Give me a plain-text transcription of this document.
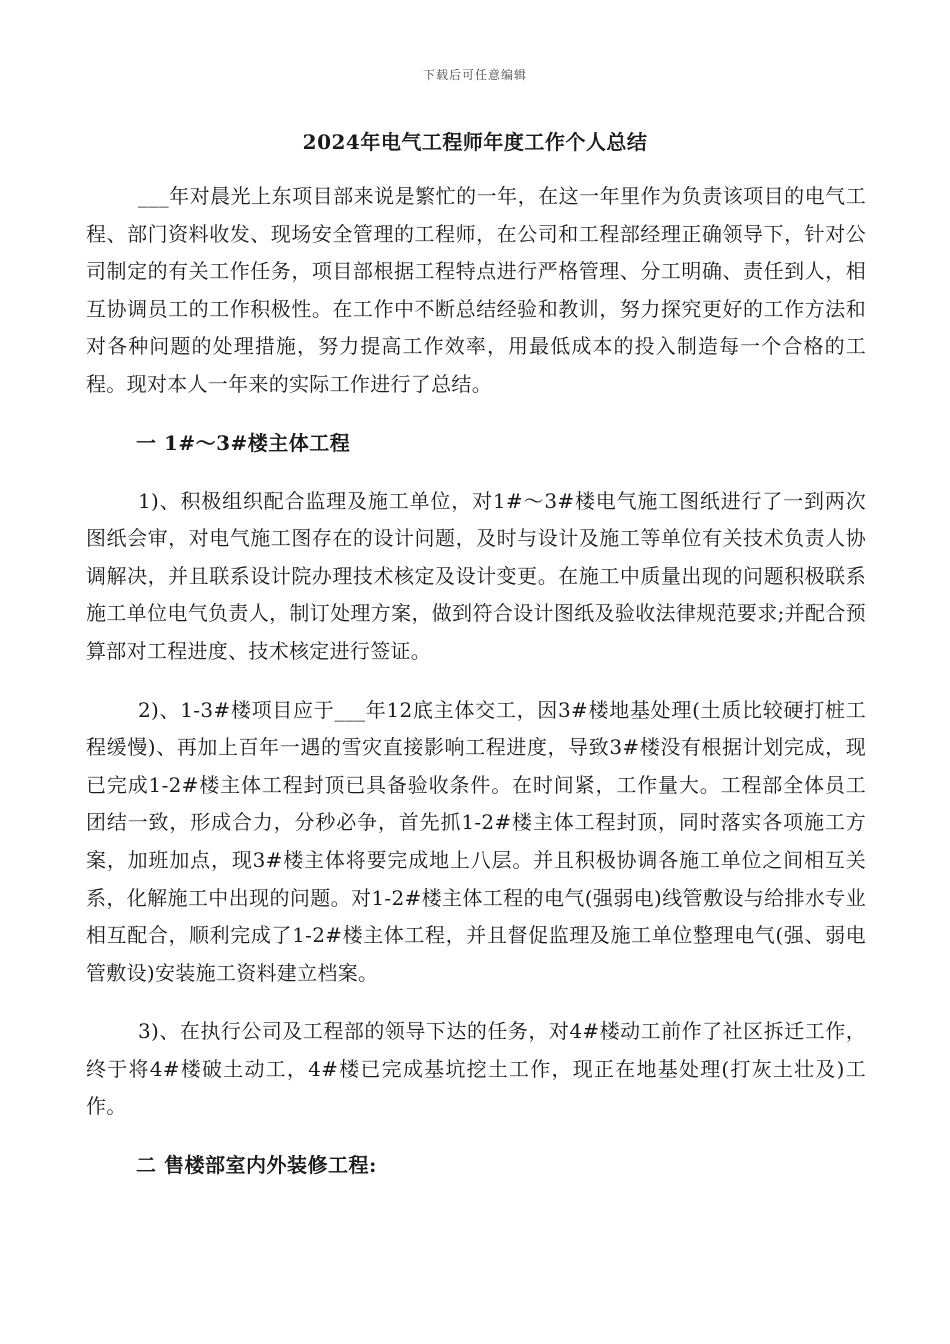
下载后可任意编辑
2024年电气工程师年度工作个人总结

___年对晨光上东项目部来说是繁忙的一年，在这一年里作为负责该项目的电气工程、部门资料收发、现场安全管理的工程师，在公司和工程部经理正确领导下，针对公司制定的有关工作任务，项目部根据工程特点进行严格管理、分工明确、责任到人，相互协调员工的工作积极性。在工作中不断总结经验和教训，努力探究更好的工作方法和对各种问题的处理措施，努力提高工作效率，用最低成本的投入制造每一个合格的工程。现对本人一年来的实际工作进行了总结。

一 1#～3#楼主体工程

1)、积极组织配合监理及施工单位，对1#～3#楼电气施工图纸进行了一到两次图纸会审，对电气施工图存在的设计问题，及时与设计及施工等单位有关技术负责人协调解决，并且联系设计院办理技术核定及设计变更。在施工中质量出现的问题积极联系施工单位电气负责人，制订处理方案，做到符合设计图纸及验收法律规范要求;并配合预算部对工程进度、技术核定进行签证。

2)、1-3#楼项目应于___年12底主体交工，因3#楼地基处理(土质比较硬打桩工程缓慢)、再加上百年一遇的雪灾直接影响工程进度，导致3#楼没有根据计划完成，现已完成1-2#楼主体工程封顶已具备验收条件。在时间紧，工作量大。工程部全体员工团结一致，形成合力，分秒必争，首先抓1-2#楼主体工程封顶，同时落实各项施工方案，加班加点，现3#楼主体将要完成地上八层。并且积极协调各施工单位之间相互关系，化解施工中出现的问题。对1-2#楼主体工程的电气(强弱电)线管敷设与给排水专业相互配合，顺利完成了1-2#楼主体工程，并且督促监理及施工单位整理电气(强、弱电管敷设)安装施工资料建立档案。

3)、在执行公司及工程部的领导下达的任务，对4#楼动工前作了社区拆迁工作，终于将4#楼破土动工，4#楼已完成基坑挖土工作，现正在地基处理(打灰土壮及)工作。

二 售楼部室内外装修工程:
